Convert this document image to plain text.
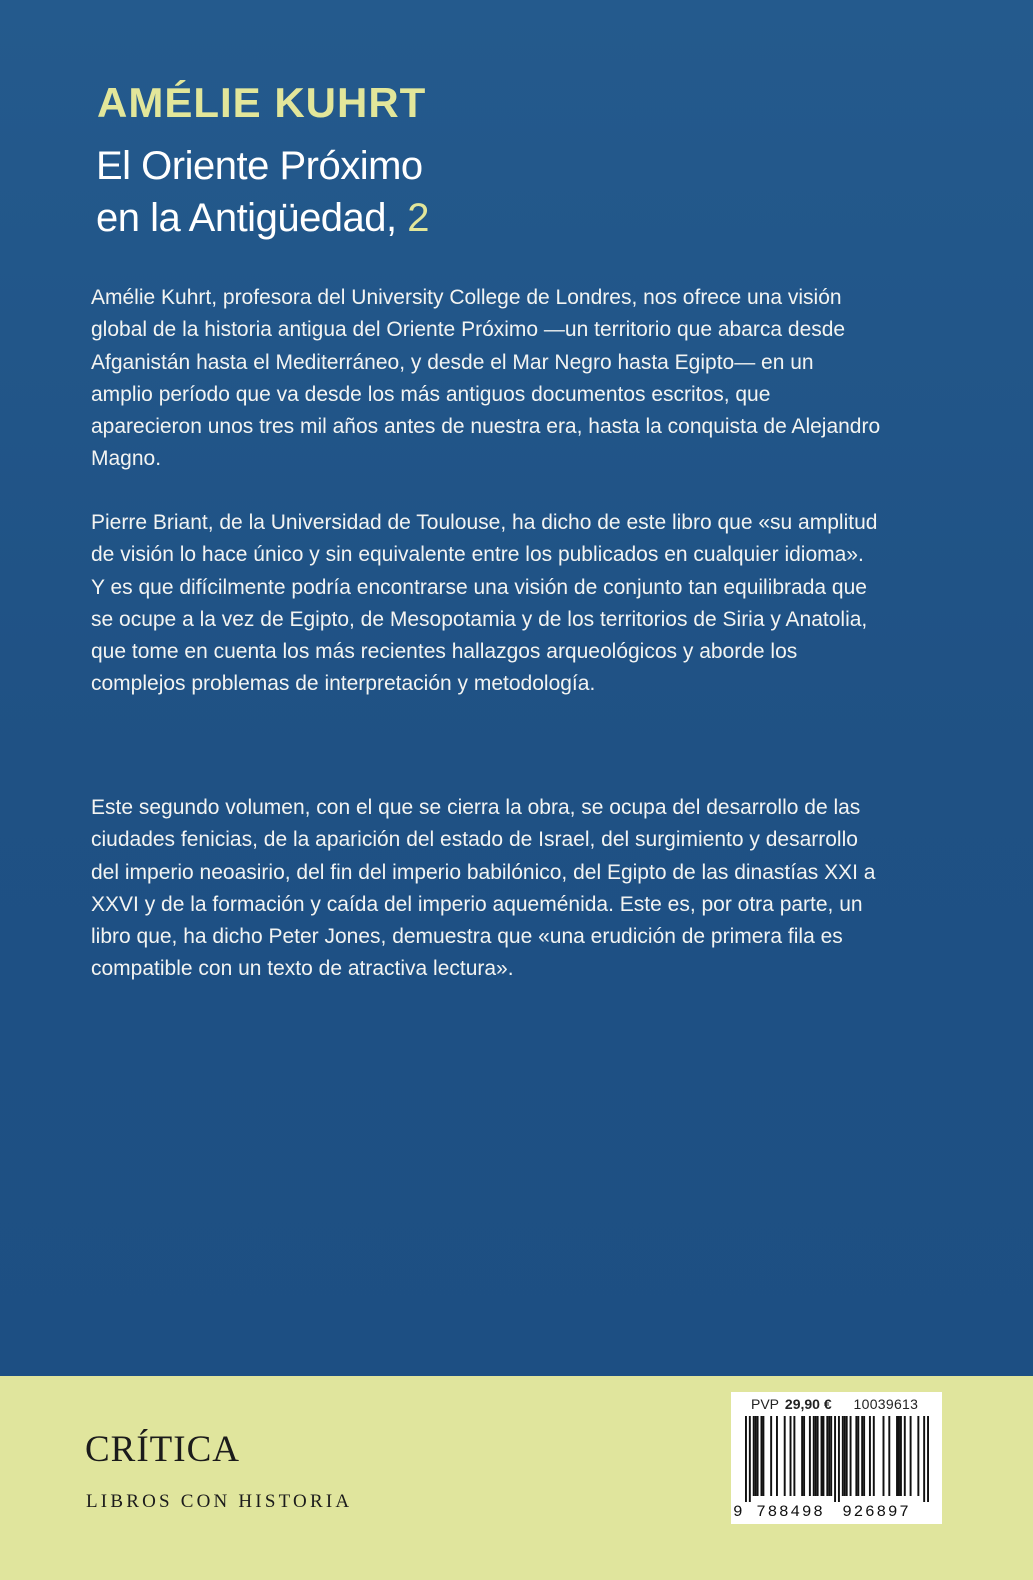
AMÉLIE KUHRT
El Oriente Próximo
en la Antigüedad, 2

Amélie Kuhrt, profesora del University College de Londres, nos ofrece una visión global de la historia antigua del Oriente Próximo —un territorio que abarca desde Afganistán hasta el Mediterráneo, y desde el Mar Negro hasta Egipto— en un amplio período que va desde los más antiguos documentos escritos, que aparecieron unos tres mil años antes de nuestra era, hasta la conquista de Alejandro Magno.

Pierre Briant, de la Universidad de Toulouse, ha dicho de este libro que «su amplitud de visión lo hace único y sin equivalente entre los publicados en cualquier idioma». Y es que difícilmente podría encontrarse una visión de conjunto tan equilibrada que se ocupe a la vez de Egipto, de Mesopotamia y de los territorios de Siria y Anatolia, que tome en cuenta los más recientes hallazgos arqueológicos y aborde los complejos problemas de interpretación y metodología.

Este segundo volumen, con el que se cierra la obra, se ocupa del desarrollo de las ciudades fenicias, de la aparición del estado de Israel, del surgimiento y desarrollo del imperio neoasirio, del fin del imperio babilónico, del Egipto de las dinastías XXI a XXVI y de la formación y caída del imperio aqueménida. Este es, por otra parte, un libro que, ha dicho Peter Jones, demuestra que «una erudición de primera fila es compatible con un texto de atractiva lectura».

CRÍTICA

LIBROS CON HISTORIA

PVP 29,90 € 10039613
9 788498 926897
